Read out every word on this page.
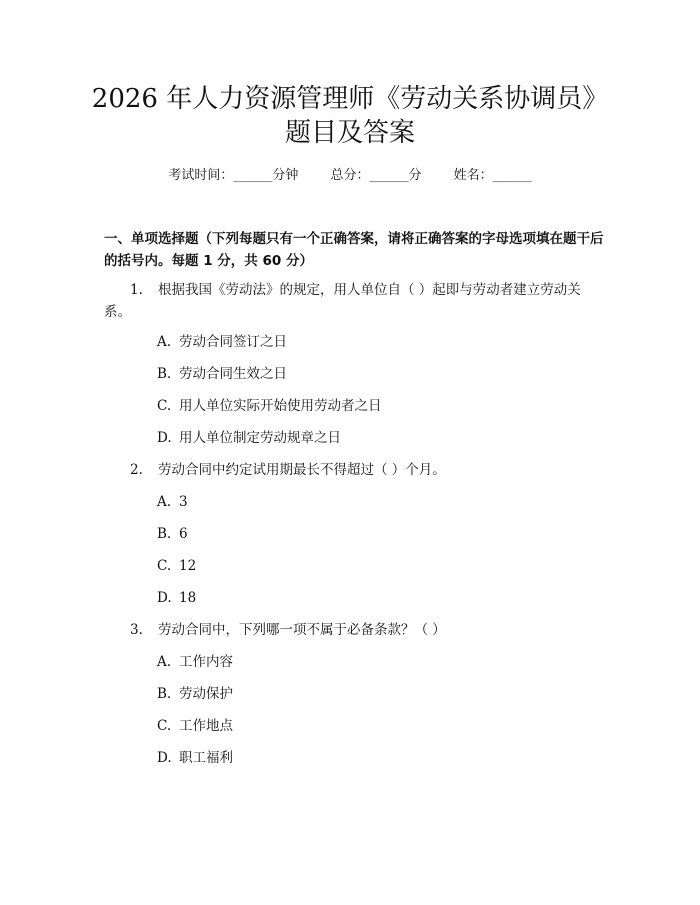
2026 年人力资源管理师《劳动关系协调员》
题目及答案
考试时间：______分钟 总分：______分 姓名：______
一、单项选择题（下列每题只有一个正确答案，请将正确答案的字母选项填在题干后的括号内。每题 1 分，共 60 分）
1.	根据我国《劳动法》的规定，用人单位自（ ）起即与劳动者建立劳动关系。
A. 劳动合同签订之日
B. 劳动合同生效之日
C. 用人单位实际开始使用劳动者之日
D. 用人单位制定劳动规章之日
2.	劳动合同中约定试用期最长不得超过（ ）个月。
A. 3
B. 6
C. 12
D. 18
3.	劳动合同中，下列哪一项不属于必备条款？（ ）
A. 工作内容
B. 劳动保护
C. 工作地点
D. 职工福利
